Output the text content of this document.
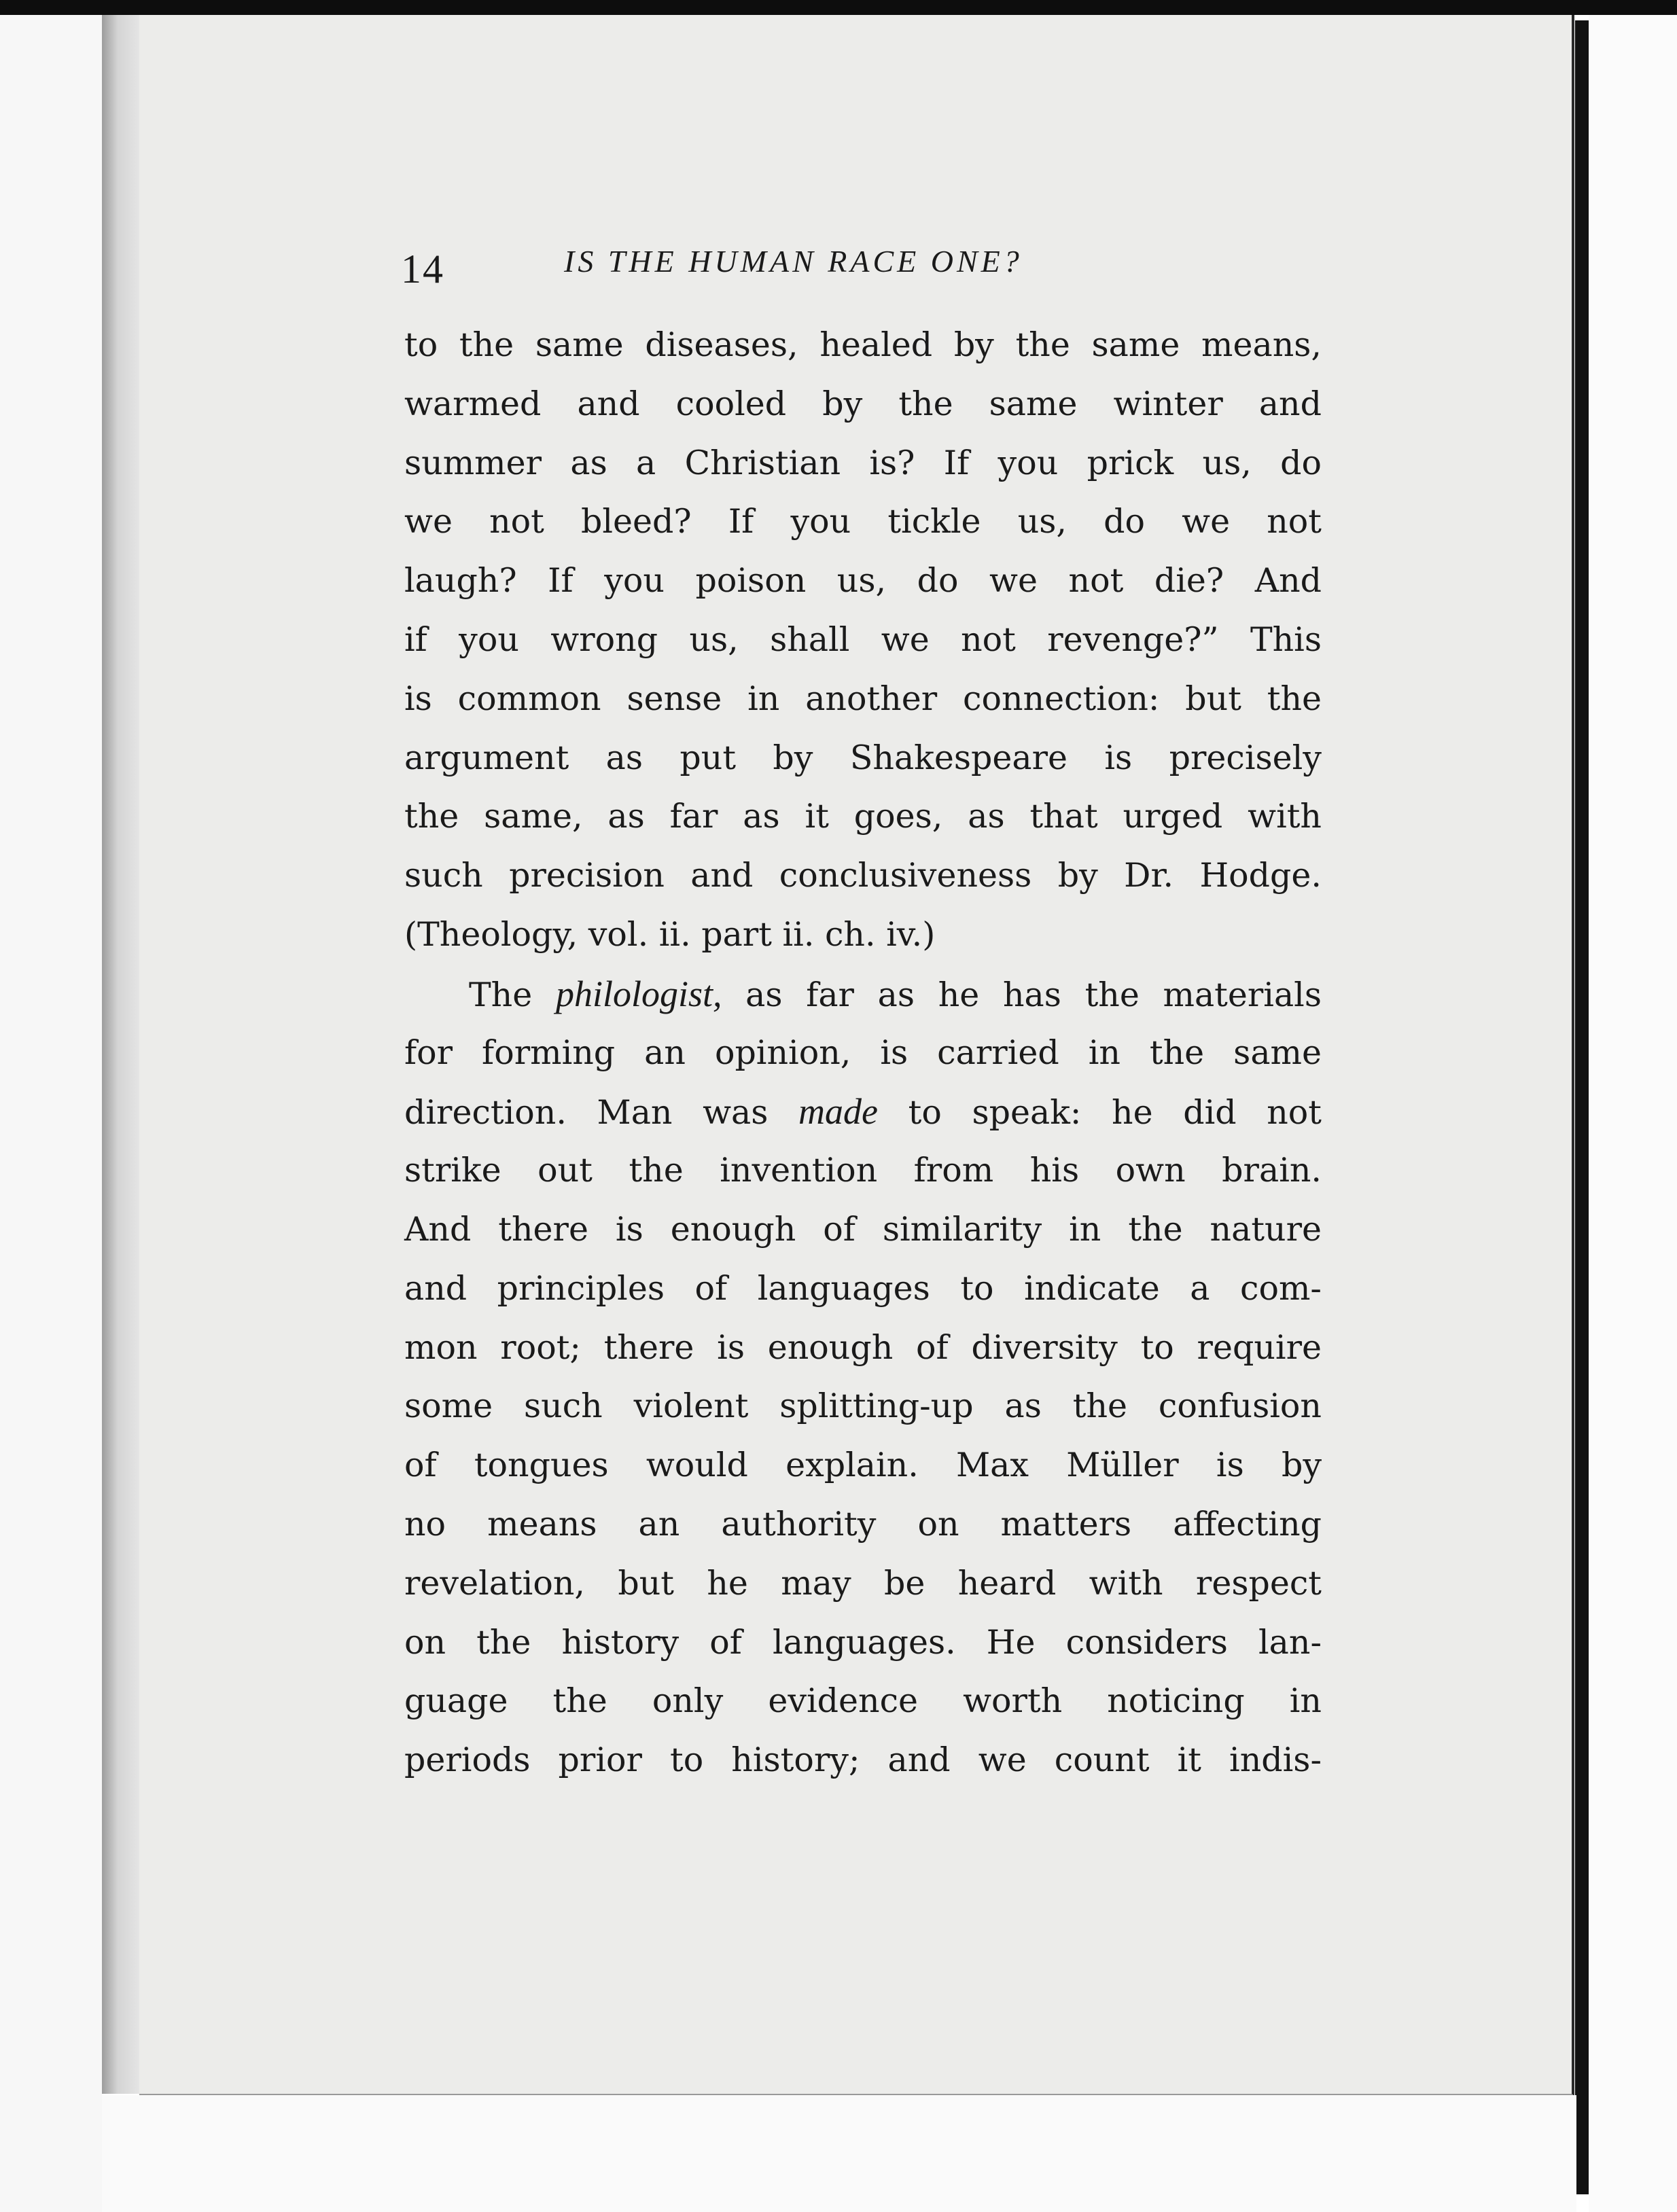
14	IS THE HUMAN RACE ONE?
to the same diseases, healed by the same means,
warmed and cooled by the same winter and
summer as a Christian is? If you prick us, do
we not bleed? If you tickle us, do we not
laugh? If you poison us, do we not die? And
if you wrong us, shall we not revenge?” This
is common sense in another connection: but the
argument as put by Shakespeare is precisely
the same, as far as it goes, as that urged with
such precision and conclusiveness by Dr. Hodge.
(Theology, vol. ii. part ii. ch. iv.)
The philologist, as far as he has the materials
for forming an opinion, is carried in the same
direction. Man was made to speak: he did not
strike out the invention from his own brain.
And there is enough of similarity in the nature
and principles of languages to indicate a com-
mon root; there is enough of diversity to require
some such violent splitting-up as the confusion
of tongues would explain. Max Müller is by
no means an authority on matters affecting
revelation, but he may be heard with respect
on the history of languages. He considers lan-
guage the only evidence worth noticing in
periods prior to history; and we count it indis-
